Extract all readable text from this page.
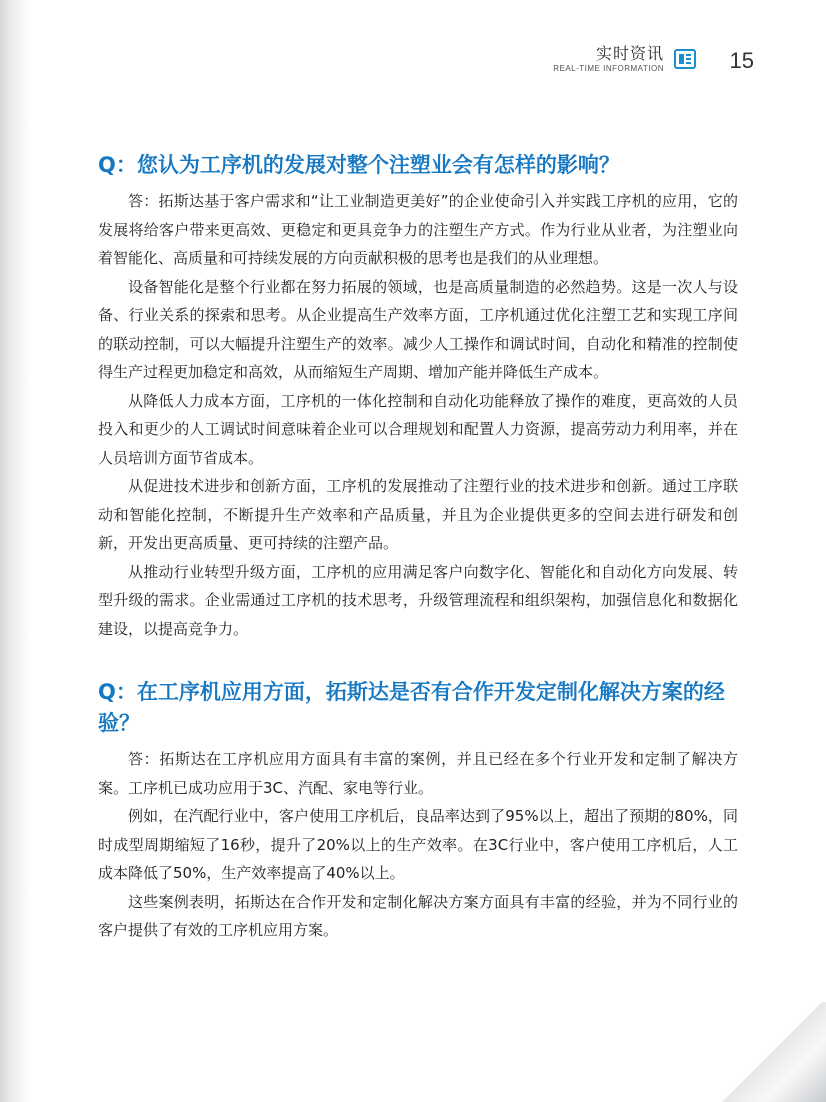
实时资讯
REAL-TIME INFORMATION	15
Q：您认为工序机的发展对整个注塑业会有怎样的影响？

答：拓斯达基于客户需求和“让工业制造更美好”的企业使命引入并实践工序机的应用，它的发展将给客户带来更高效、更稳定和更具竞争力的注塑生产方式。作为行业从业者，为注塑业向着智能化、高质量和可持续发展的方向贡献积极的思考也是我们的从业理想。

设备智能化是整个行业都在努力拓展的领域，也是高质量制造的必然趋势。这是一次人与设备、行业关系的探索和思考。从企业提高生产效率方面，工序机通过优化注塑工艺和实现工序间的联动控制，可以大幅提升注塑生产的效率。减少人工操作和调试时间，自动化和精准的控制使得生产过程更加稳定和高效，从而缩短生产周期、增加产能并降低生产成本。

从降低人力成本方面，工序机的一体化控制和自动化功能释放了操作的难度，更高效的人员投入和更少的人工调试时间意味着企业可以合理规划和配置人力资源，提高劳动力利用率，并在人员培训方面节省成本。

从促进技术进步和创新方面，工序机的发展推动了注塑行业的技术进步和创新。通过工序联动和智能化控制，不断提升生产效率和产品质量，并且为企业提供更多的空间去进行研发和创新，开发出更高质量、更可持续的注塑产品。

从推动行业转型升级方面，工序机的应用满足客户向数字化、智能化和自动化方向发展、转型升级的需求。企业需通过工序机的技术思考，升级管理流程和组织架构，加强信息化和数据化建设，以提高竞争力。

Q：在工序机应用方面，拓斯达是否有合作开发定制化解决方案的经验？

答：拓斯达在工序机应用方面具有丰富的案例，并且已经在多个行业开发和定制了解决方案。工序机已成功应用于3C、汽配、家电等行业。

例如，在汽配行业中，客户使用工序机后，良品率达到了95%以上，超出了预期的80%，同时成型周期缩短了16秒，提升了20%以上的生产效率。在3C行业中，客户使用工序机后，人工成本降低了50%，生产效率提高了40%以上。

这些案例表明，拓斯达在合作开发和定制化解决方案方面具有丰富的经验，并为不同行业的客户提供了有效的工序机应用方案。
